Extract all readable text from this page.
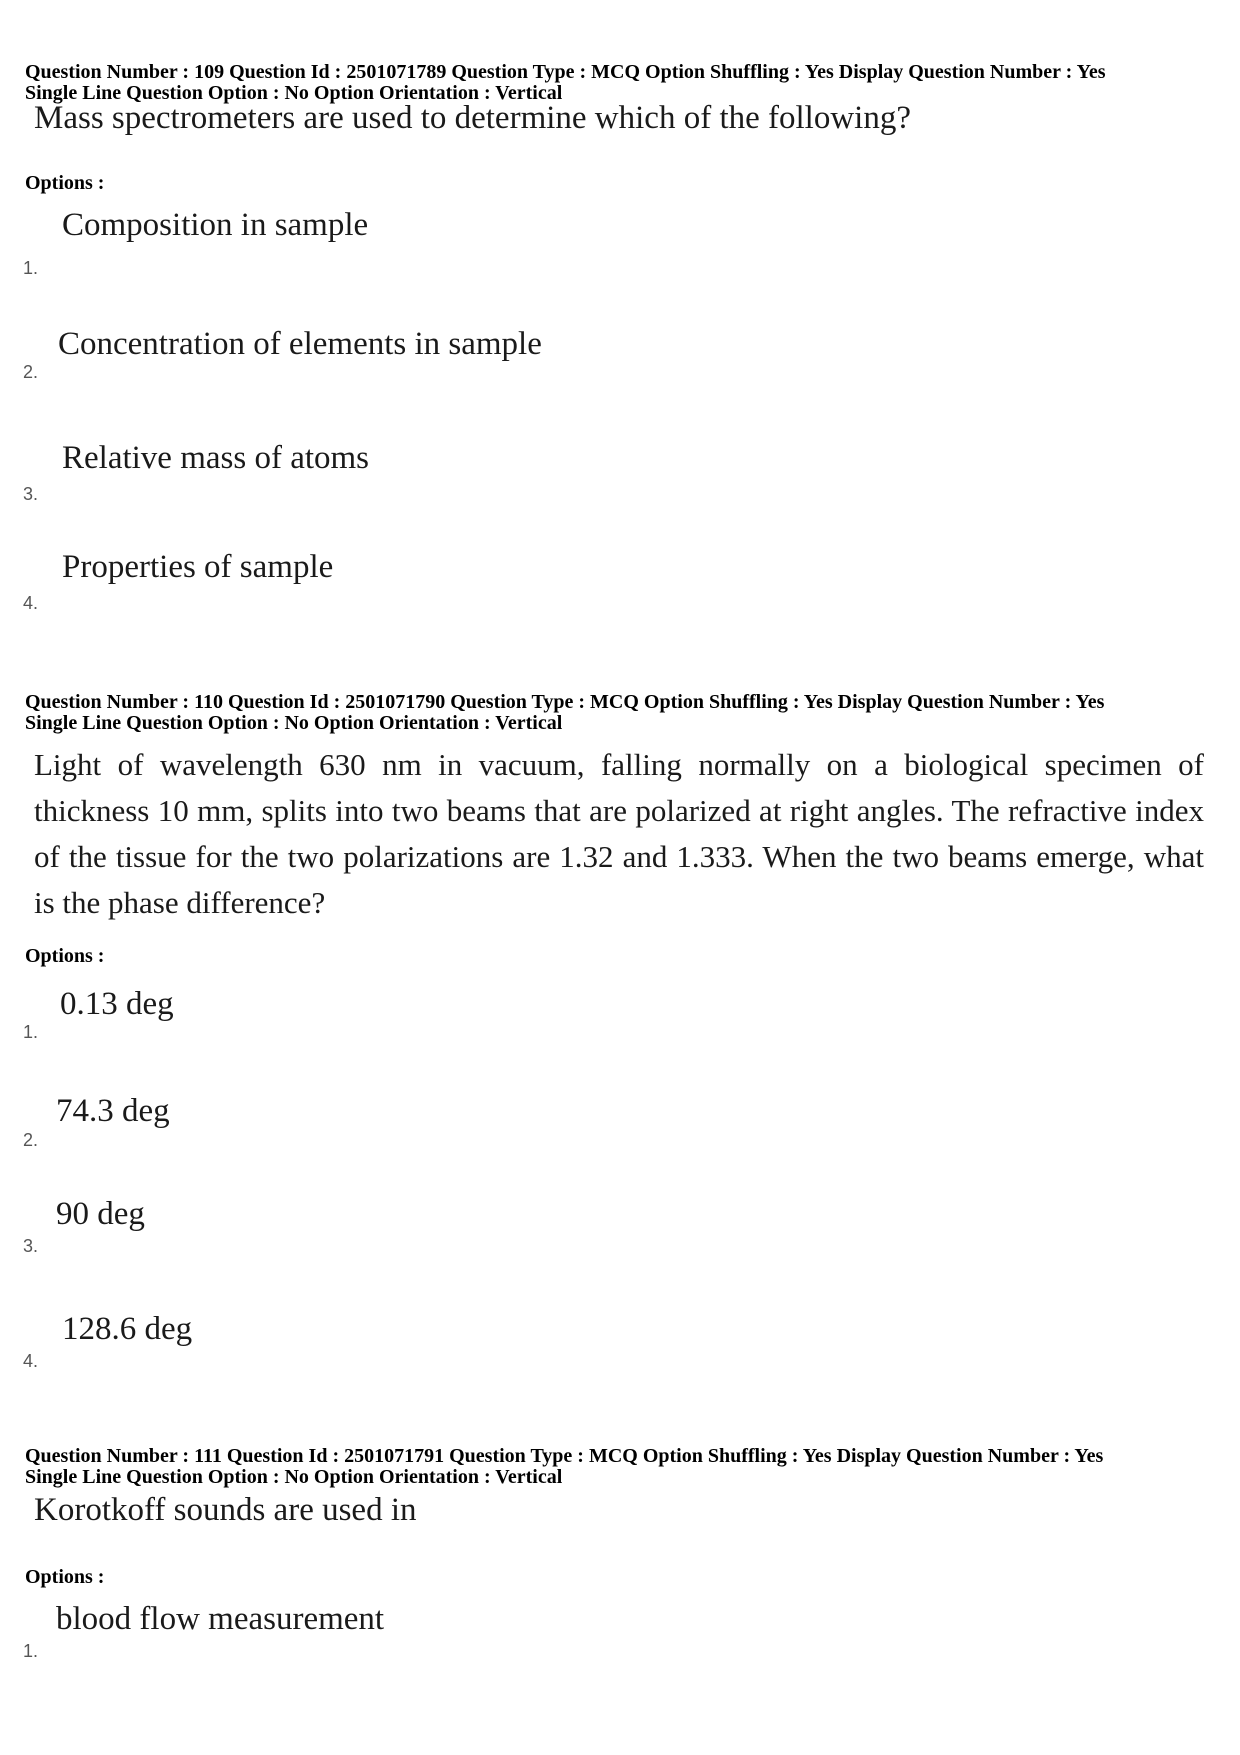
Question Number : 109 Question Id : 2501071789 Question Type : MCQ Option Shuffling : Yes Display Question Number : Yes
Single Line Question Option : No Option Orientation : Vertical
Mass spectrometers are used to determine which of the following?
Options :
Composition in sample
1.
Concentration of elements in sample
2.
Relative mass of atoms
3.
Properties of sample
4.
Question Number : 110 Question Id : 2501071790 Question Type : MCQ Option Shuffling : Yes Display Question Number : Yes
Single Line Question Option : No Option Orientation : Vertical
Light of wavelength 630 nm in vacuum, falling normally on a biological specimen of thickness 10 mm, splits into two beams that are polarized at right angles. The refractive index of the tissue for the two polarizations are 1.32 and 1.333. When the two beams emerge, what is the phase difference?
Options :
0.13 deg
1.
74.3 deg
2.
90 deg
3.
128.6 deg
4.
Question Number : 111 Question Id : 2501071791 Question Type : MCQ Option Shuffling : Yes Display Question Number : Yes
Single Line Question Option : No Option Orientation : Vertical
Korotkoff sounds are used in
Options :
blood flow measurement
1.
